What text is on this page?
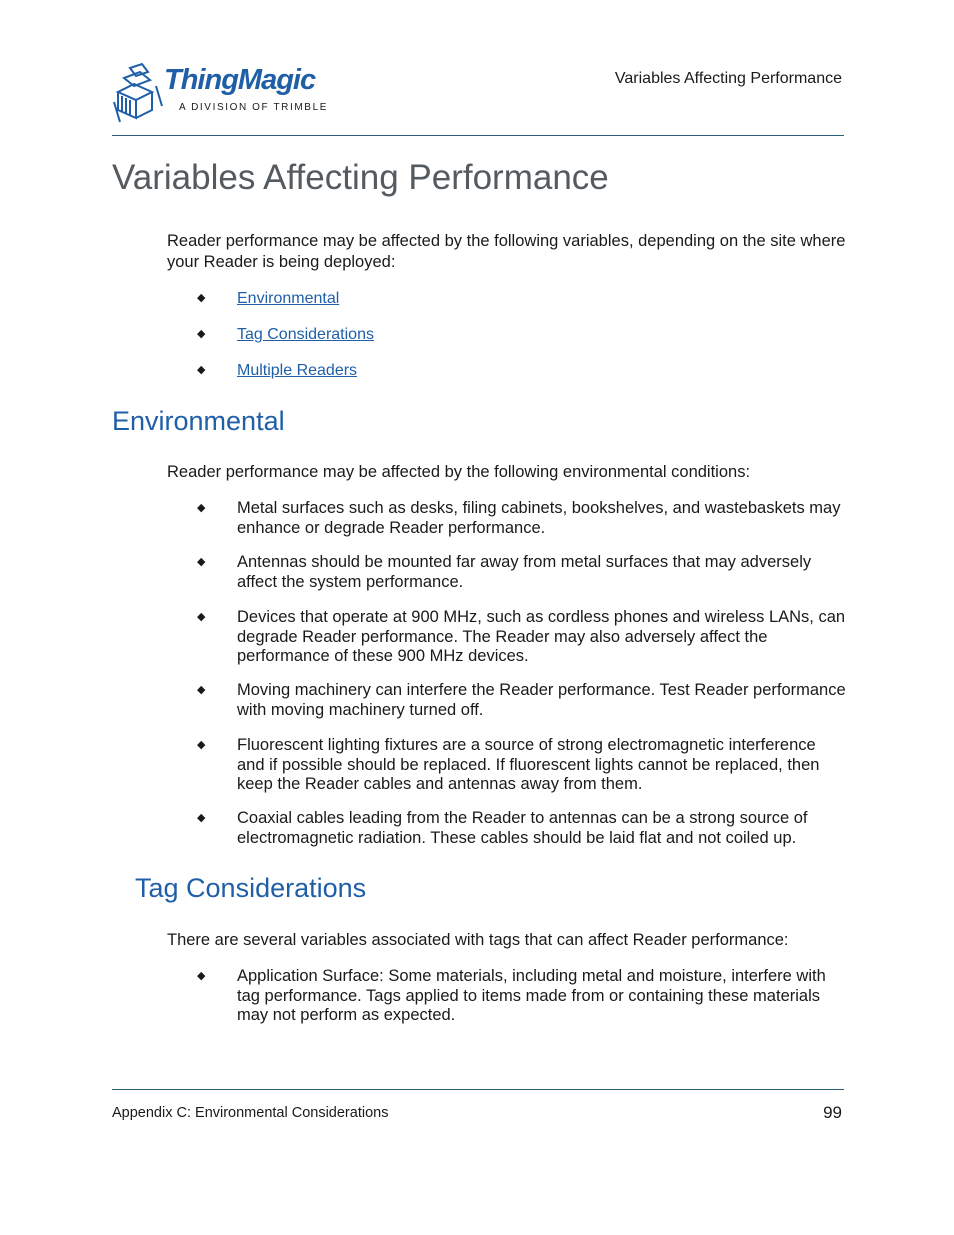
ThingMagic
A DIVISION OF TRIMBLE
Variables Affecting Performance
Variables Affecting Performance

Reader performance may be affected by the following variables, depending on the site where your Reader is being deployed:

◆ Environmental
◆ Tag Considerations
◆ Multiple Readers
Environmental

Reader performance may be affected by the following environmental conditions:

◆ Metal surfaces such as desks, filing cabinets, bookshelves, and wastebaskets may enhance or degrade Reader performance.
◆ Antennas should be mounted far away from metal surfaces that may adversely affect the system performance.
◆ Devices that operate at 900 MHz, such as cordless phones and wireless LANs, can degrade Reader performance. The Reader may also adversely affect the performance of these 900 MHz devices.
◆ Moving machinery can interfere the Reader performance. Test Reader performance with moving machinery turned off.
◆ Fluorescent lighting fixtures are a source of strong electromagnetic interference and if possible should be replaced. If fluorescent lights cannot be replaced, then keep the Reader cables and antennas away from them.
◆ Coaxial cables leading from the Reader to antennas can be a strong source of electromagnetic radiation. These cables should be laid flat and not coiled up.
Tag Considerations

There are several variables associated with tags that can affect Reader performance:

◆ Application Surface: Some materials, including metal and moisture, interfere with tag performance. Tags applied to items made from or containing these materials may not perform as expected.
Appendix C: Environmental Considerations	99
